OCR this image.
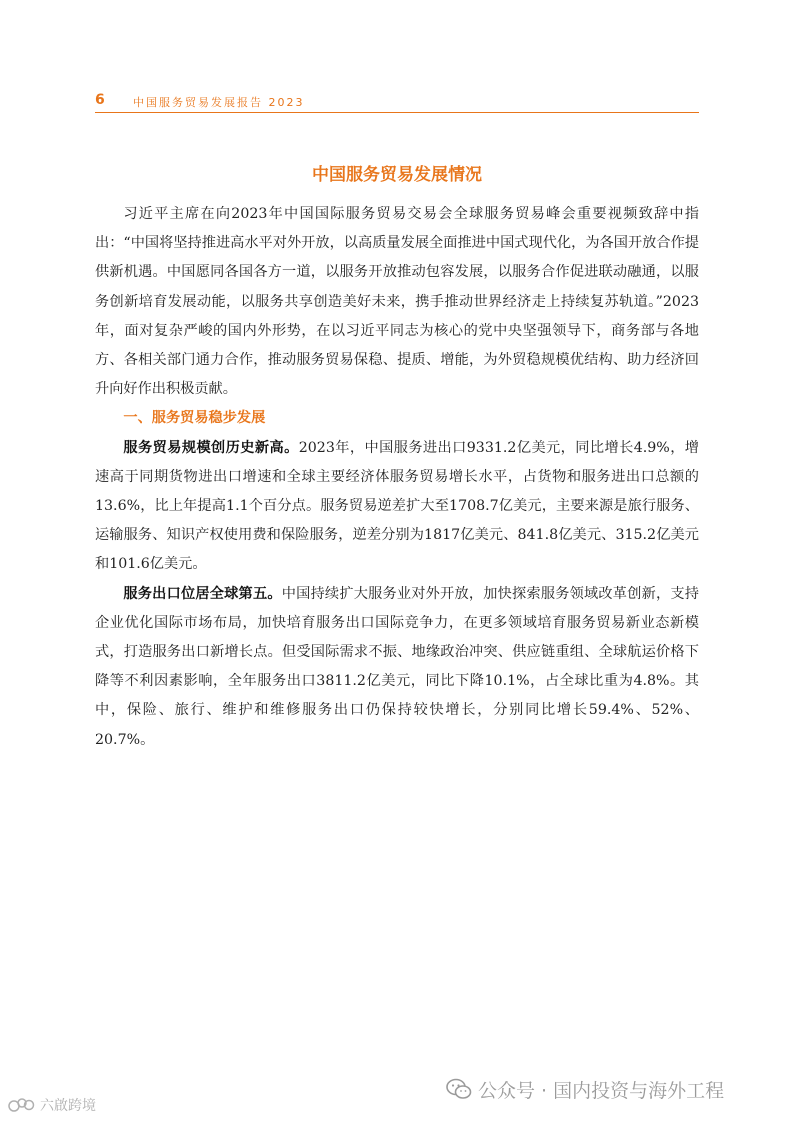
6	中国服务贸易发展报告 2023
中国服务贸易发展情况

习近平主席在向2023年中国国际服务贸易交易会全球服务贸易峰会重要视频致辞中指出：“中国将坚持推进高水平对外开放，以高质量发展全面推进中国式现代化，为各国开放合作提供新机遇。中国愿同各国各方一道，以服务开放推动包容发展，以服务合作促进联动融通，以服务创新培育发展动能，以服务共享创造美好未来，携手推动世界经济走上持续复苏轨道。”2023年，面对复杂严峻的国内外形势，在以习近平同志为核心的党中央坚强领导下，商务部与各地方、各相关部门通力合作，推动服务贸易保稳、提质、增能，为外贸稳规模优结构、助力经济回升向好作出积极贡献。

一、服务贸易稳步发展

服务贸易规模创历史新高。2023年，中国服务进出口9331.2亿美元，同比增长4.9%，增速高于同期货物进出口增速和全球主要经济体服务贸易增长水平，占货物和服务进出口总额的13.6%，比上年提高1.1个百分点。服务贸易逆差扩大至1708.7亿美元，主要来源是旅行服务、运输服务、知识产权使用费和保险服务，逆差分别为1817亿美元、841.8亿美元、315.2亿美元和101.6亿美元。

服务出口位居全球第五。中国持续扩大服务业对外开放，加快探索服务领域改革创新，支持企业优化国际市场布局，加快培育服务出口国际竞争力，在更多领域培育服务贸易新业态新模式，打造服务出口新增长点。但受国际需求不振、地缘政治冲突、供应链重组、全球航运价格下降等不利因素影响，全年服务出口3811.2亿美元，同比下降10.1%，占全球比重为4.8%。其中，保险、旅行、维护和维修服务出口仍保持较快增长，分别同比增长59.4%、52%、20.7%。

公众号 · 国内投资与海外工程
六啟跨境
